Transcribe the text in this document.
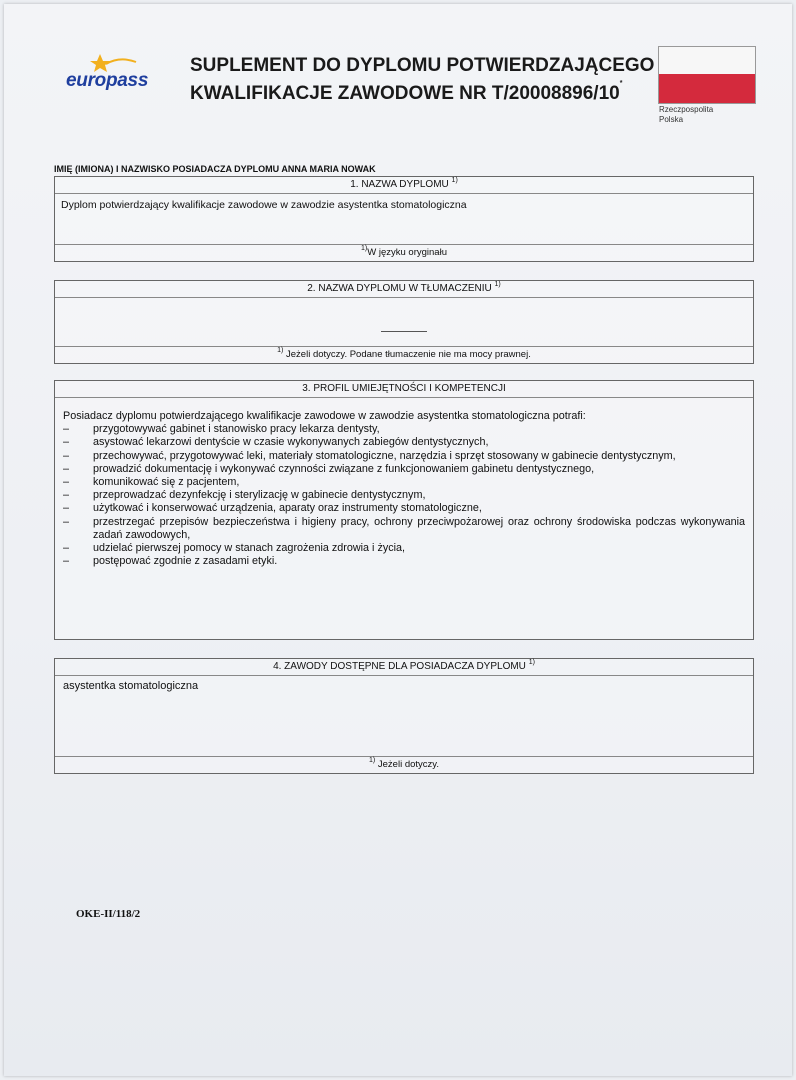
europass
SUPLEMENT DO DYPLOMU POTWIERDZAJĄCEGO
KWALIFIKACJE ZAWODOWE NR T/20008896/10*
Rzeczpospolita
Polska
IMIĘ (IMIONA) I NAZWISKO POSIADACZA DYPLOMU ANNA MARIA NOWAK
1. NAZWA DYPLOMU $^{1)}$
Dyplom potwierdzający kwalifikacje zawodowe w zawodzie asystentka stomatologiczna
$^{1)}$W języku oryginału
2. NAZWA DYPLOMU W TŁUMACZENIU $^{1)}$
$^{1)}$ Jeżeli dotyczy. Podane tłumaczenie nie ma mocy prawnej.
3. PROFIL UMIEJĘTNOŚCI I KOMPETENCJI
Posiadacz dyplomu potwierdzającego kwalifikacje zawodowe w zawodzie asystentka stomatologiczna potrafi:
– przygotowywać gabinet i stanowisko pracy lekarza dentysty,
– asystować lekarzowi dentyście w czasie wykonywanych zabiegów dentystycznych,
– przechowywać, przygotowywać leki, materiały stomatologiczne, narzędzia i sprzęt stosowany w gabinecie dentystycznym,
– prowadzić dokumentację i wykonywać czynności związane z funkcjonowaniem gabinetu dentystycznego,
– komunikować się z pacjentem,
– przeprowadzać dezynfekcję i sterylizację w gabinecie dentystycznym,
– użytkować i konserwować urządzenia, aparaty oraz instrumenty stomatologiczne,
– przestrzegać przepisów bezpieczeństwa i higieny pracy, ochrony przeciwpożarowej oraz ochrony środowiska podczas wykonywania zadań zawodowych,
– udzielać pierwszej pomocy w stanach zagrożenia zdrowia i życia,
– postępować zgodnie z zasadami etyki.
4. ZAWODY DOSTĘPNE DLA POSIADACZA DYPLOMU $^{1)}$
asystentka stomatologiczna
$^{1)}$ Jeżeli dotyczy.
OKE-II/118/2
